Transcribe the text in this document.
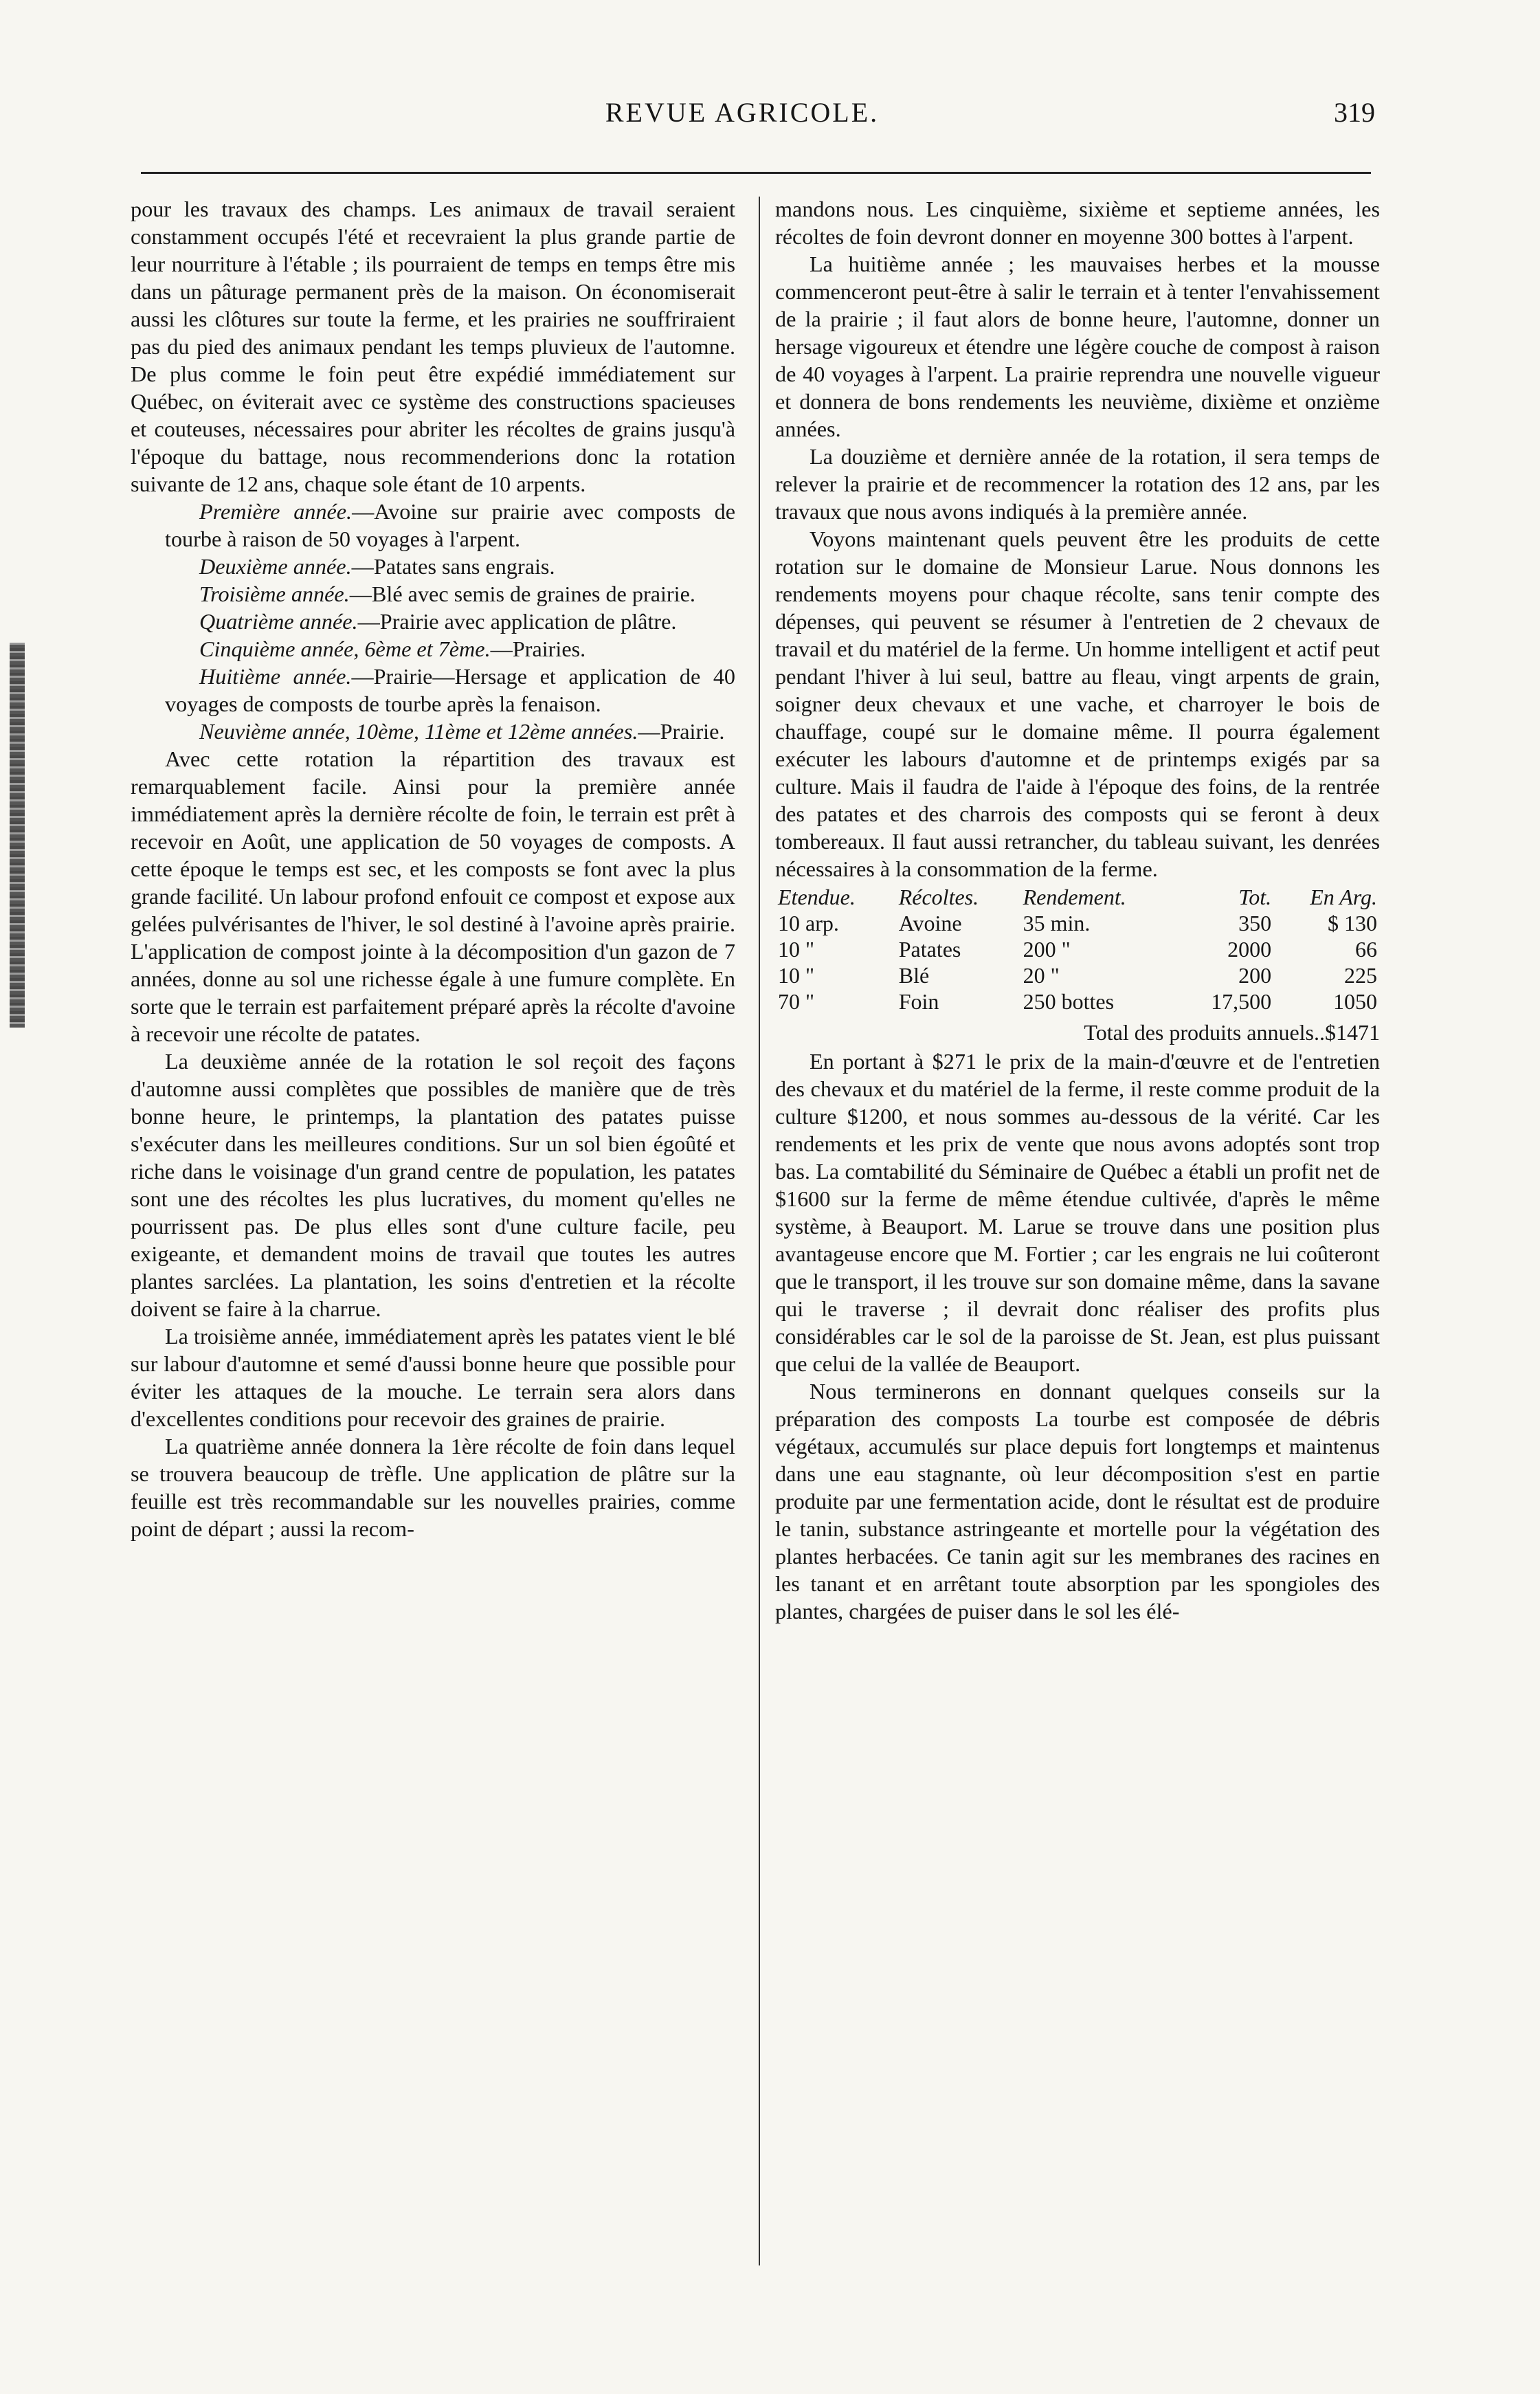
REVUE AGRICOLE.	319

pour les travaux des champs. Les animaux de travail seraient constamment occupés l'été et recevraient la plus grande partie de leur nourriture à l'étable ; ils pourraient de temps en temps être mis dans un pâturage permanent près de la maison. On économiserait aussi les clôtures sur toute la ferme, et les prairies ne souffriraient pas du pied des animaux pendant les temps pluvieux de l'automne. De plus comme le foin peut être expédié immédiatement sur Québec, on éviterait avec ce système des constructions spacieuses et couteuses, nécessaires pour abriter les récoltes de grains jusqu'à l'époque du battage, nous recommenderions donc la rotation suivante de 12 ans, chaque sole étant de 10 arpents.

Première année.—Avoine sur prairie avec composts de tourbe à raison de 50 voyages à l'arpent.

Deuxième année.—Patates sans engrais.

Troisième année.—Blé avec semis de graines de prairie.

Quatrième année.—Prairie avec application de plâtre.

Cinquième année, 6ème et 7ème.—Prairies.

Huitième année.—Prairie—Hersage et application de 40 voyages de composts de tourbe après la fenaison.

Neuvième année, 10ème, 11ème et 12ème années.—Prairie.

Avec cette rotation la répartition des travaux est remarquablement facile. Ainsi pour la première année immédiatement après la dernière récolte de foin, le terrain est prêt à recevoir en Août, une application de 50 voyages de composts. A cette époque le temps est sec, et les composts se font avec la plus grande facilité. Un labour profond enfouit ce compost et expose aux gelées pulvérisantes de l'hiver, le sol destiné à l'avoine après prairie. L'application de compost jointe à la décomposition d'un gazon de 7 années, donne au sol une richesse égale à une fumure complète. En sorte que le terrain est parfaitement préparé après la récolte d'avoine à recevoir une récolte de patates.

La deuxième année de la rotation le sol reçoit des façons d'automne aussi complètes que possibles de manière que de très bonne heure, le printemps, la plantation des patates puisse s'exécuter dans les meilleures conditions. Sur un sol bien égoûté et riche dans le voisinage d'un grand centre de population, les patates sont une des récoltes les plus lucratives, du moment qu'elles ne pourrissent pas. De plus elles sont d'une culture facile, peu exigeante, et demandent moins de travail que toutes les autres plantes sarclées. La plantation, les soins d'entretien et la récolte doivent se faire à la charrue.

La troisième année, immédiatement après les patates vient le blé sur labour d'automne et semé d'aussi bonne heure que possible pour éviter les attaques de la mouche. Le terrain sera alors dans d'excellentes conditions pour recevoir des graines de prairie.

La quatrième année donnera la 1ère récolte de foin dans lequel se trouvera beaucoup de trèfle. Une application de plâtre sur la feuille est très recommandable sur les nouvelles prairies, comme point de départ ; aussi la recom-

mandons nous. Les cinquième, sixième et septieme années, les récoltes de foin devront donner en moyenne 300 bottes à l'arpent.

La huitième année ; les mauvaises herbes et la mousse commenceront peut-être à salir le terrain et à tenter l'envahissement de la prairie ; il faut alors de bonne heure, l'automne, donner un hersage vigoureux et étendre une légère couche de compost à raison de 40 voyages à l'arpent. La prairie reprendra une nouvelle vigueur et donnera de bons rendements les neuvième, dixième et onzième années.

La douzième et dernière année de la rotation, il sera temps de relever la prairie et de recommencer la rotation des 12 ans, par les travaux que nous avons indiqués à la première année.

Voyons maintenant quels peuvent être les produits de cette rotation sur le domaine de Monsieur Larue. Nous donnons les rendements moyens pour chaque récolte, sans tenir compte des dépenses, qui peuvent se résumer à l'entretien de 2 chevaux de travail et du matériel de la ferme. Un homme intelligent et actif peut pendant l'hiver à lui seul, battre au fleau, vingt arpents de grain, soigner deux chevaux et une vache, et charroyer le bois de chauffage, coupé sur le domaine même. Il pourra également exécuter les labours d'automne et de printemps exigés par sa culture. Mais il faudra de l'aide à l'époque des foins, de la rentrée des patates et des charrois des composts qui se feront à deux tombereaux. Il faut aussi retrancher, du tableau suivant, les denrées nécessaires à la consommation de la ferme.

Etendue.	Récoltes.	Rendement.	Tot.	En Arg.
10 arp.	Avoine	35 min.	350	$ 130
10 "	Patates	200 "	2000	66
10 "	Blé	20 "	200	225
70 "	Foin	250 bottes	17,500	1050
Total des produits annuels..$1471

En portant à $271 le prix de la main-d'œuvre et de l'entretien des chevaux et du matériel de la ferme, il reste comme produit de la culture $1200, et nous sommes au-dessous de la vérité. Car les rendements et les prix de vente que nous avons adoptés sont trop bas. La comtabilité du Séminaire de Québec a établi un profit net de $1600 sur la ferme de même étendue cultivée, d'après le même système, à Beauport. M. Larue se trouve dans une position plus avantageuse encore que M. Fortier ; car les engrais ne lui coûteront que le transport, il les trouve sur son domaine même, dans la savane qui le traverse ; il devrait donc réaliser des profits plus considérables car le sol de la paroisse de St. Jean, est plus puissant que celui de la vallée de Beauport.

Nous terminerons en donnant quelques conseils sur la préparation des composts La tourbe est composée de débris végétaux, accumulés sur place depuis fort longtemps et maintenus dans une eau stagnante, où leur décomposition s'est en partie produite par une fermentation acide, dont le résultat est de produire le tanin, substance astringeante et mortelle pour la végétation des plantes herbacées. Ce tanin agit sur les membranes des racines en les tanant et en arrêtant toute absorption par les spongioles des plantes, chargées de puiser dans le sol les élé-
